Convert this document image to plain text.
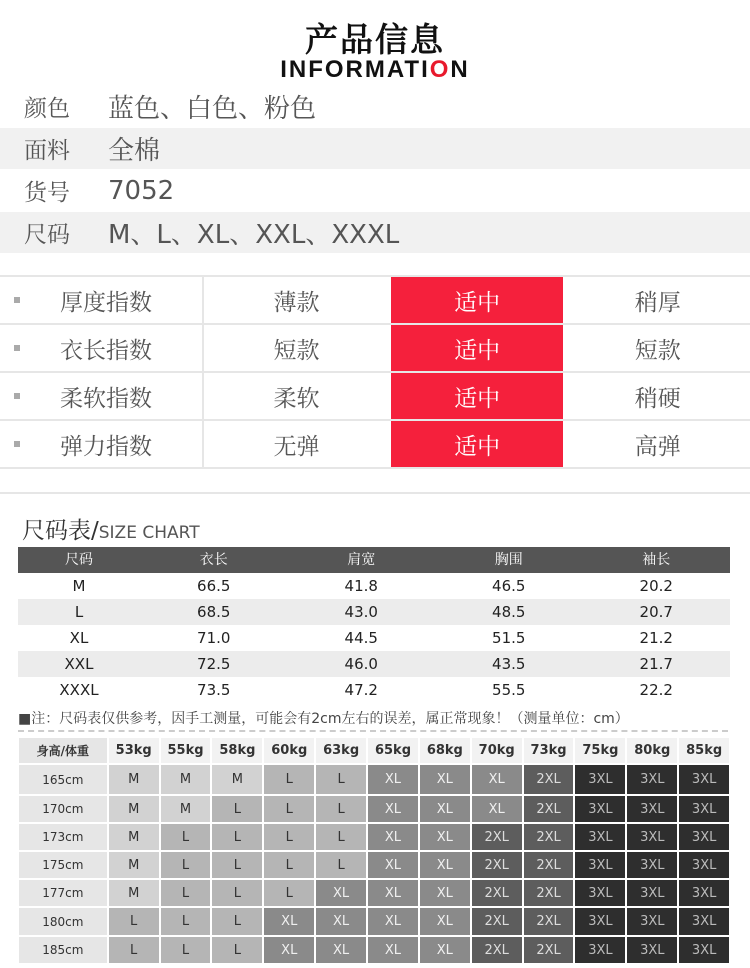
产品信息
INFORMATION
颜色	蓝色、白色、粉色
面料	全棉
货号	7052
尺码	M、L、XL、XXL、XXXL
厚度指数	薄款	适中	稍厚
衣长指数	短款	适中	短款
柔软指数	柔软	适中	稍硬
弹力指数	无弹	适中	高弹
尺码表/SIZE CHART
尺码	衣长	肩宽	胸围	袖长
M	66.5	41.8	46.5	20.2
L	68.5	43.0	48.5	20.7
XL	71.0	44.5	51.5	21.2
XXL	72.5	46.0	43.5	21.7
XXXL	73.5	47.2	55.5	22.2
■注：尺码表仅供参考，因手工测量，可能会有2cm左右的误差，属正常现象！（测量单位：cm）
身高/体重	53kg	55kg	58kg	60kg	63kg	65kg	68kg	70kg	73kg	75kg	80kg	85kg
165cm	M	M	M	L	L	XL	XL	XL	2XL	3XL	3XL	3XL
170cm	M	M	L	L	L	XL	XL	XL	2XL	3XL	3XL	3XL
173cm	M	L	L	L	L	XL	XL	2XL	2XL	3XL	3XL	3XL
175cm	M	L	L	L	L	XL	XL	2XL	2XL	3XL	3XL	3XL
177cm	M	L	L	L	XL	XL	XL	2XL	2XL	3XL	3XL	3XL
180cm	L	L	L	XL	XL	XL	XL	2XL	2XL	3XL	3XL	3XL
185cm	L	L	L	XL	XL	XL	XL	2XL	2XL	3XL	3XL	3XL
